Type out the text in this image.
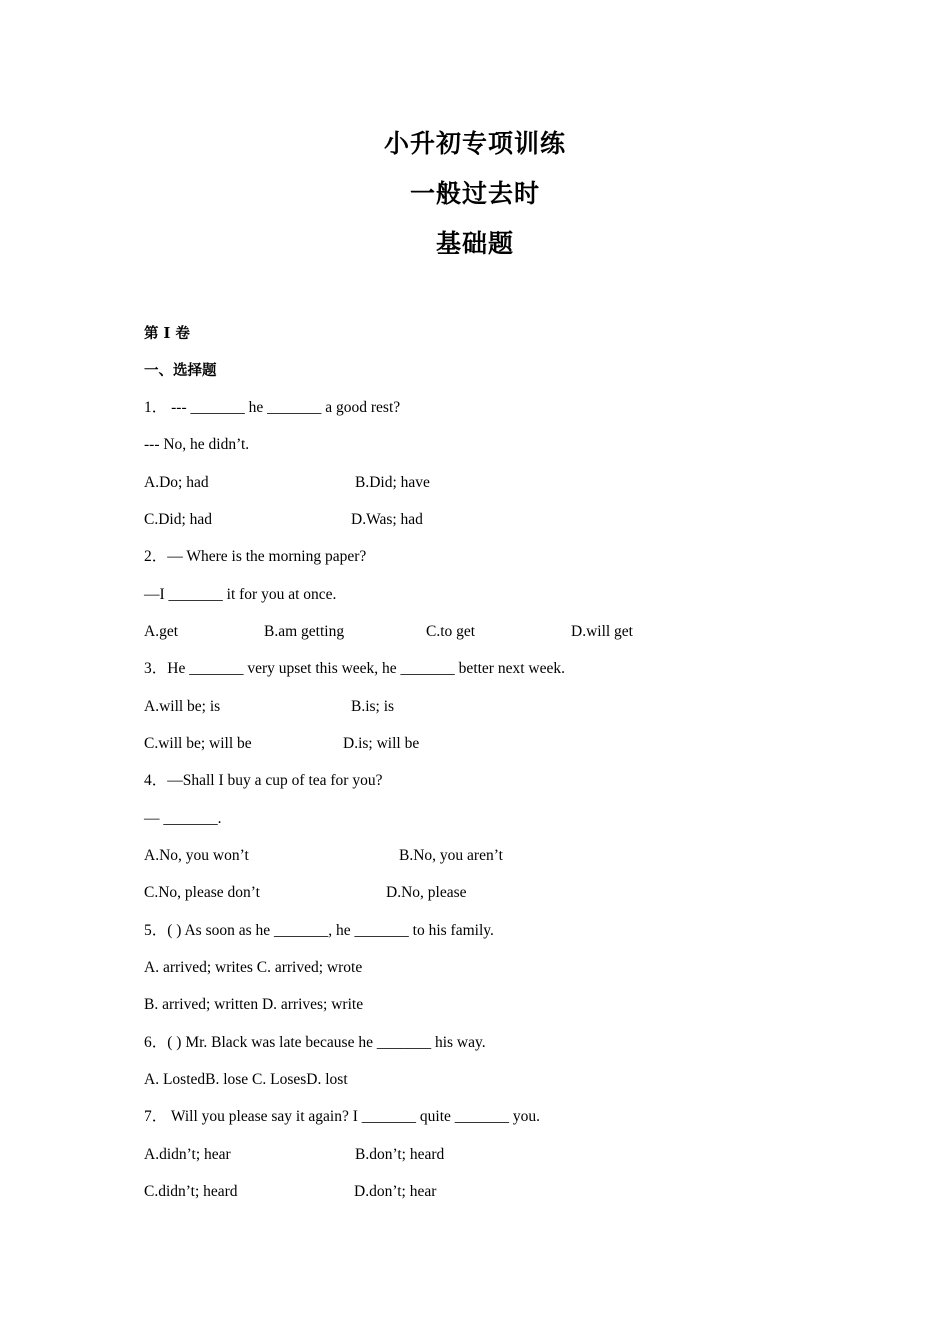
小升初专项训练
一般过去时
基础题
第 I 卷
一、选择题
1． --- _______ he _______ a good rest?
--- No, he didn’t.
A.Do; had	B.Did; have
C.Did; had	D.Was; had
2．— Where is the morning paper?
—I _______ it for you at once.
A.get	B.am getting	C.to get	D.will get
3．He _______ very upset this week, he _______ better next week.
A.will be; is	B.is; is
C.will be; will be	D.is; will be
4．—Shall I buy a cup of tea for you?
— _______.
A.No, you won’t	B.No, you aren’t
C.No, please don’t	D.No, please
5．( ) As soon as he _______, he _______ to his family.
A. arrived; writes C. arrived; wrote
B. arrived; written D. arrives; write
6．( ) Mr. Black was late because he _______ his way.
A. LostedB. lose C. LosesD. lost
7． Will you please say it again? I _______ quite _______ you.
A.didn’t; hear	B.don’t; heard
C.didn’t; heard	D.don’t; hear
